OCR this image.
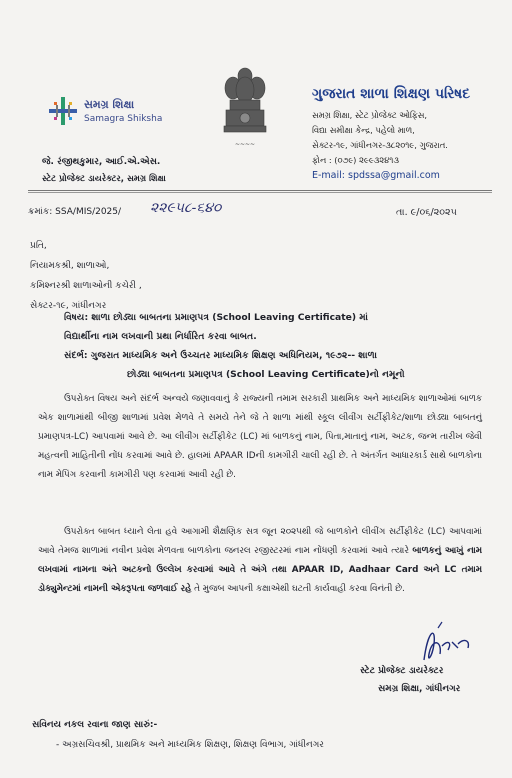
સમગ્ર શિક્ષા
Samagra Shiksha
~~~~
ગુજરાત શાળા શિક્ષણ પરિષદ
સમગ્ર શિક્ષા, સ્ટેટ પ્રોજેક્ટ ઓફિસ,
વિદ્યા સમીક્ષા કેન્દ્ર, પહેલો માળ,
સેક્ટર-૧૯, ગાંધીનગર-૩૮૨૦૧૯, ગુજરાત.
ફોન : (૦૭૯) ૨૯૯૩૨૪૧૩
E-mail: spdssa@gmail.com
જે. રંજીથકુમાર, આઈ.એ.એસ.
સ્ટેટ પ્રોજેક્ટ ડાયરેક્ટર, સમગ્ર શિક્ષા
ક્રમાંક: SSA/MIS/2025/ ૨૨૯૫૮-૬૪૦	તા. ૯/૦૬/૨૦૨૫
પ્રતિ,
નિયામકશ્રી, શાળાઓ,
કમિશ્નરશ્રી શાળાઓની કચેરી ,
સેક્ટર-૧૯, ગાંધીનગર
વિષય: શાળા છોડ્યા બાબતના પ્રમાણપત્ર (School Leaving Certificate) માં
વિદ્યાર્થીના નામ લખવાની પ્રથા નિર્ધારિત કરવા બાબત.
સંદર્ભ: ગુજરાત માધ્યમિક અને ઉચ્ચતર માધ્યમિક શિક્ષણ અધિનિયમ, ૧૯૭૨-- શાળા
છોડ્યા બાબતના પ્રમાણપત્ર (School Leaving Certificate)નો નમૂનો
ઉપરોક્ત વિષય અને સંદર્ભ અન્વયે જણાવવાનું કે રાજ્યની તમામ સરકારી પ્રાથમિક અને માધ્યમિક શાળાઓમાં બાળક એક શાળામાંથી બીજી શાળામાં પ્રવેશ મેળવે તે સમયે તેને જે તે શાળા માંથી સ્કૂલ લીવીંગ સર્ટીફીકેટ/શાળા છોડ્યા બાબતનું પ્રમાણપત્ર-LC) આપવામાં આવે છે. આ લીવીંગ સર્ટીફીકેટ (LC) માં બાળકનું નામ, પિતા,માતાનું નામ, અટક, જન્મ તારીખ જેવી મહત્વની માહિતીની નોંધ કરવામાં આવે છે. હાલમાં APAAR IDની કામગીરી ચાલી રહી છે. તે અંતર્ગત આધારકાર્ડ સાથે બાળકોના નામ મેપિંગ કરવાની કામગીરી પણ કરવામાં આવી રહી છે.
ઉપરોક્ત બાબત ધ્યાને લેતા હવે આગામી શૈક્ષણિક સત્ર જૂન ૨૦૨૫થી જે બાળકોને લીવીંગ સર્ટીફીકેટ (LC) આપવામાં આવે તેમજ શાળામાં નવીન પ્રવેશ મેળવતા બાળકોના જનરલ રજીસ્ટરમાં નામ નોંધણી કરવામાં આવે ત્યારે બાળકનું આખું નામ લખવામાં નામના અંતે અટકનો ઉલ્લેખ કરવામાં આવે તે અંગે તથા APAAR ID, Aadhaar Card અને LC તમામ ડોક્યુમેન્ટમાં નામની એકરૂપતા જળવાઈ રહે તે મુજબ આપની કક્ષાએથી ઘટતી કાર્યવાહી કરવા વિનંતી છે.
સ્ટેટ પ્રોજેક્ટ ડાયરેક્ટર
સમગ્ર શિક્ષા, ગાંધીનગર
સવિનય નકલ રવાના જાણ સારું:-
- અગ્રસચિવશ્રી, પ્રાથમિક અને માધ્યમિક શિક્ષણ, શિક્ષણ વિભાગ, ગાંધીનગર
